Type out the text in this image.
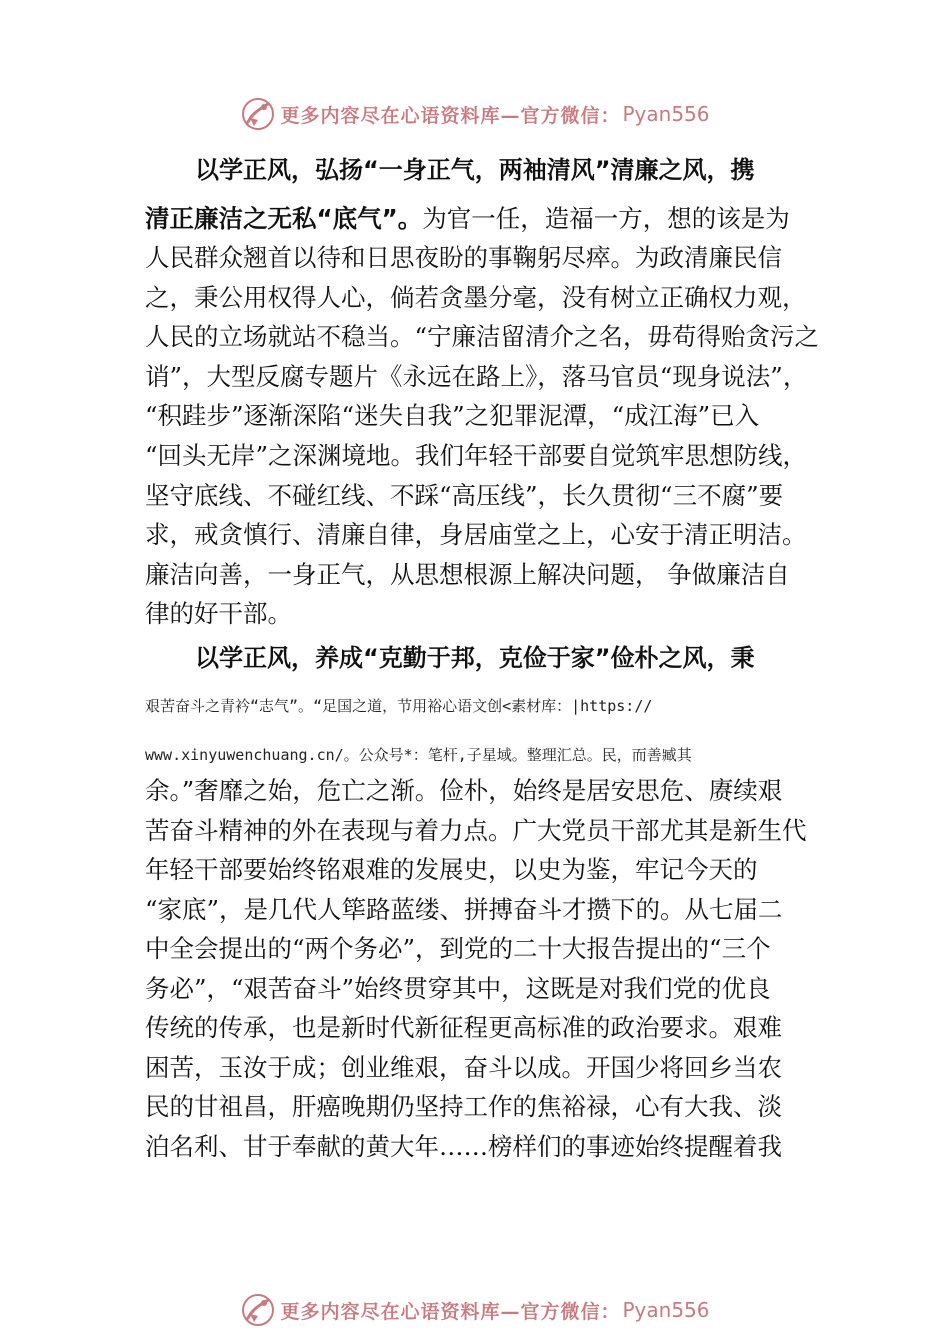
更多内容尽在心语资料库—官方微信： Pyan556
以学正风，弘扬“一身正气，两袖清风”清廉之风，携
清正廉洁之无私“底气”。为官一任，造福一方，想的该是为
人民群众翘首以待和日思夜盼的事鞠躬尽瘁。为政清廉民信
之，秉公用权得人心，倘若贪墨分毫，没有树立正确权力观，
人民的立场就站不稳当。“宁廉洁留清介之名，毋苟得贻贪污之
诮”，大型反腐专题片《永远在路上》，落马官员“现身说法”，
“积跬步”逐渐深陷“迷失自我”之犯罪泥潭，“成江海”已入
“回头无岸”之深渊境地。我们年轻干部要自觉筑牢思想防线，
坚守底线、不碰红线、不踩“高压线”，长久贯彻“三不腐”要
求，戒贪慎行、清廉自律，身居庙堂之上，心安于清正明洁。
廉洁向善，一身正气，从思想根源上解决问题， 争做廉洁自
律的好干部。
以学正风，养成“克勤于邦，克俭于家”俭朴之风，秉
艰苦奋斗之青衿“志气”。“足国之道，节用裕心语文创<素材库：|https://
www.xinyuwenchuang.cn/。公众号*：笔杆,子星域。整理汇总。民，而善臧其
余。”奢靡之始，危亡之渐。俭朴，始终是居安思危、赓续艰
苦奋斗精神的外在表现与着力点。广大党员干部尤其是新生代
年轻干部要始终铭艰难的发展史，以史为鉴，牢记今天的
“家底”，是几代人筚路蓝缕、拼搏奋斗才攒下的。从七届二
中全会提出的“两个务必”，到党的二十大报告提出的“三个
务必”，“艰苦奋斗”始终贯穿其中，这既是对我们党的优良
传统的传承，也是新时代新征程更高标准的政治要求。艰难
困苦，玉汝于成；创业维艰，奋斗以成。开国少将回乡当农
民的甘祖昌，肝癌晚期仍坚持工作的焦裕禄，心有大我、淡
泊名利、甘于奉献的黄大年……榜样们的事迹始终提醒着我
更多内容尽在心语资料库—官方微信： Pyan556
